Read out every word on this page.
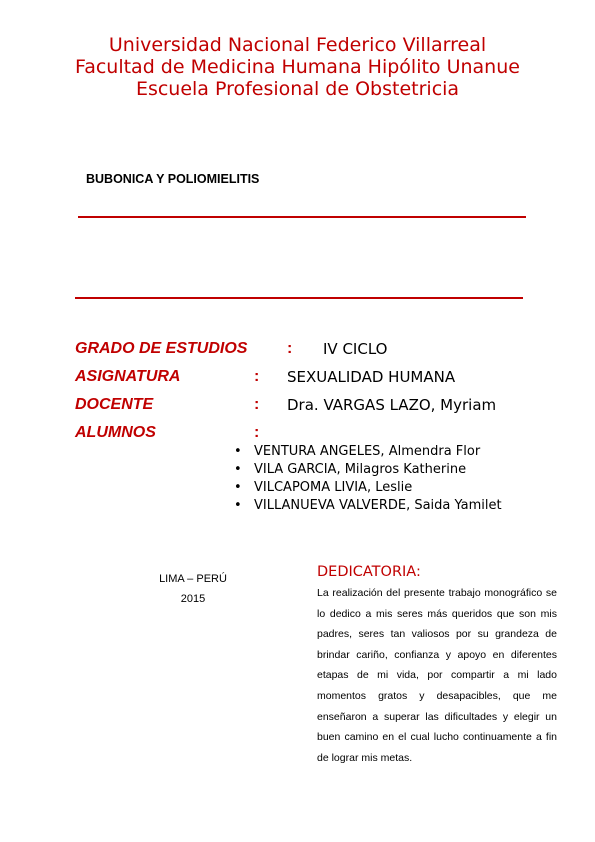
Universidad Nacional Federico Villarreal
Facultad de Medicina Humana Hipólito Unanue
Escuela Profesional de Obstetricia
BUBONICA Y POLIOMIELITIS
GRADO DE ESTUDIOS : IV CICLO
ASIGNATURA	: SEXUALIDAD HUMANA
DOCENTE	: Dra. VARGAS LAZO, Myriam
ALUMNOS	:
• VENTURA ANGELES, Almendra Flor
• VILA GARCIA, Milagros Katherine
• VILCAPOMA LIVIA, Leslie
• VILLANUEVA VALVERDE, Saida Yamilet
LIMA – PERÚ
2015
DEDICATORIA:
La realización del presente trabajo monográfico se lo dedico a mis seres más queridos que son mis padres, seres tan valiosos por su grandeza de brindar cariño, confianza y apoyo en diferentes etapas de mi vida, por compartir a mi lado momentos gratos y desapacibles, que me enseñaron a superar las dificultades y elegir un buen camino en el cual lucho continuamente a fin de lograr mis metas.
